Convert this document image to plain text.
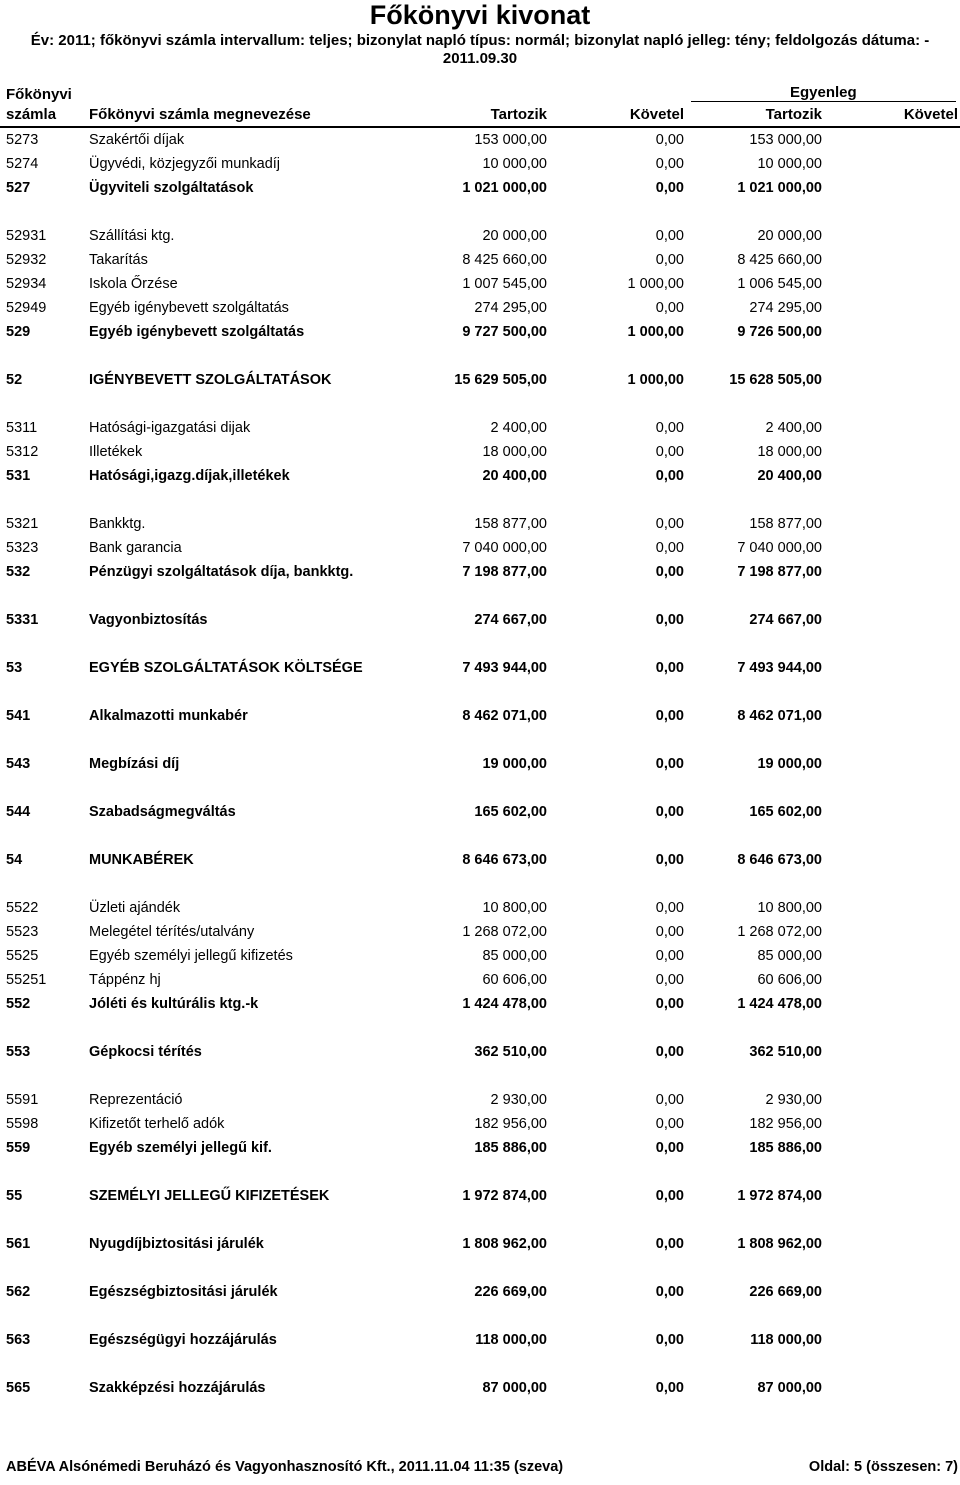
Főkönyvi kivonat
Év: 2011; főkönyvi számla intervallum: teljes; bizonylat napló típus: normál; bizonylat napló jelleg: tény; feldolgozás dátuma: -
2011.09.30
Főkönyvi
számla Főkönyvi számla megnevezése	Tartozik	Követel
Egyenleg
Tartozik	Követel
5273	Szakértői díjak	153 000,00	0,00	153 000,00
5274	Ügyvédi, közjegyzői munkadíj	10 000,00	0,00	10 000,00
527	Ügyviteli szolgáltatások	1 021 000,00	0,00	1 021 000,00
52931	Szállítási ktg.	20 000,00	0,00	20 000,00
52932	Takarítás	8 425 660,00	0,00	8 425 660,00
52934	Iskola Őrzése	1 007 545,00	1 000,00	1 006 545,00
52949	Egyéb igénybevett szolgáltatás	274 295,00	0,00	274 295,00
529	Egyéb igénybevett szolgáltatás	9 727 500,00	1 000,00	9 726 500,00
52	IGÉNYBEVETT SZOLGÁLTATÁSOK	15 629 505,00	1 000,00	15 628 505,00
5311	Hatósági-igazgatási dijak	2 400,00	0,00	2 400,00
5312	Illetékek	18 000,00	0,00	18 000,00
531	Hatósági,igazg.díjak,illetékek	20 400,00	0,00	20 400,00
5321	Bankktg.	158 877,00	0,00	158 877,00
5323	Bank garancia	7 040 000,00	0,00	7 040 000,00
532	Pénzügyi szolgáltatások díja, bankktg.	7 198 877,00	0,00	7 198 877,00
5331	Vagyonbiztosítás	274 667,00	0,00	274 667,00
53	EGYÉB SZOLGÁLTATÁSOK KÖLTSÉGE	7 493 944,00	0,00	7 493 944,00
541	Alkalmazotti munkabér	8 462 071,00	0,00	8 462 071,00
543	Megbízási díj	19 000,00	0,00	19 000,00
544	Szabadságmegváltás	165 602,00	0,00	165 602,00
54	MUNKABÉREK	8 646 673,00	0,00	8 646 673,00
5522	Üzleti ajándék	10 800,00	0,00	10 800,00
5523	Melegétel térítés/utalvány	1 268 072,00	0,00	1 268 072,00
5525	Egyéb személyi jellegű kifizetés	85 000,00	0,00	85 000,00
55251	Táppénz hj	60 606,00	0,00	60 606,00
552	Jóléti és kultúrális ktg.-k	1 424 478,00	0,00	1 424 478,00
553	Gépkocsi térítés	362 510,00	0,00	362 510,00
5591	Reprezentáció	2 930,00	0,00	2 930,00
5598	Kifizetőt terhelő adók	182 956,00	0,00	182 956,00
559	Egyéb személyi jellegű kif.	185 886,00	0,00	185 886,00
55	SZEMÉLYI JELLEGŰ KIFIZETÉSEK	1 972 874,00	0,00	1 972 874,00
561	Nyugdíjbiztositási járulék	1 808 962,00	0,00	1 808 962,00
562	Egészségbiztositási járulék	226 669,00	0,00	226 669,00
563	Egészségügyi hozzájárulás	118 000,00	0,00	118 000,00
565	Szakképzési hozzájárulás	87 000,00	0,00	87 000,00
ABÉVA Alsónémedi Beruházó és Vagyonhasznosító Kft., 2011.11.04 11:35 (szeva)	Oldal: 5 (összesen: 7)
